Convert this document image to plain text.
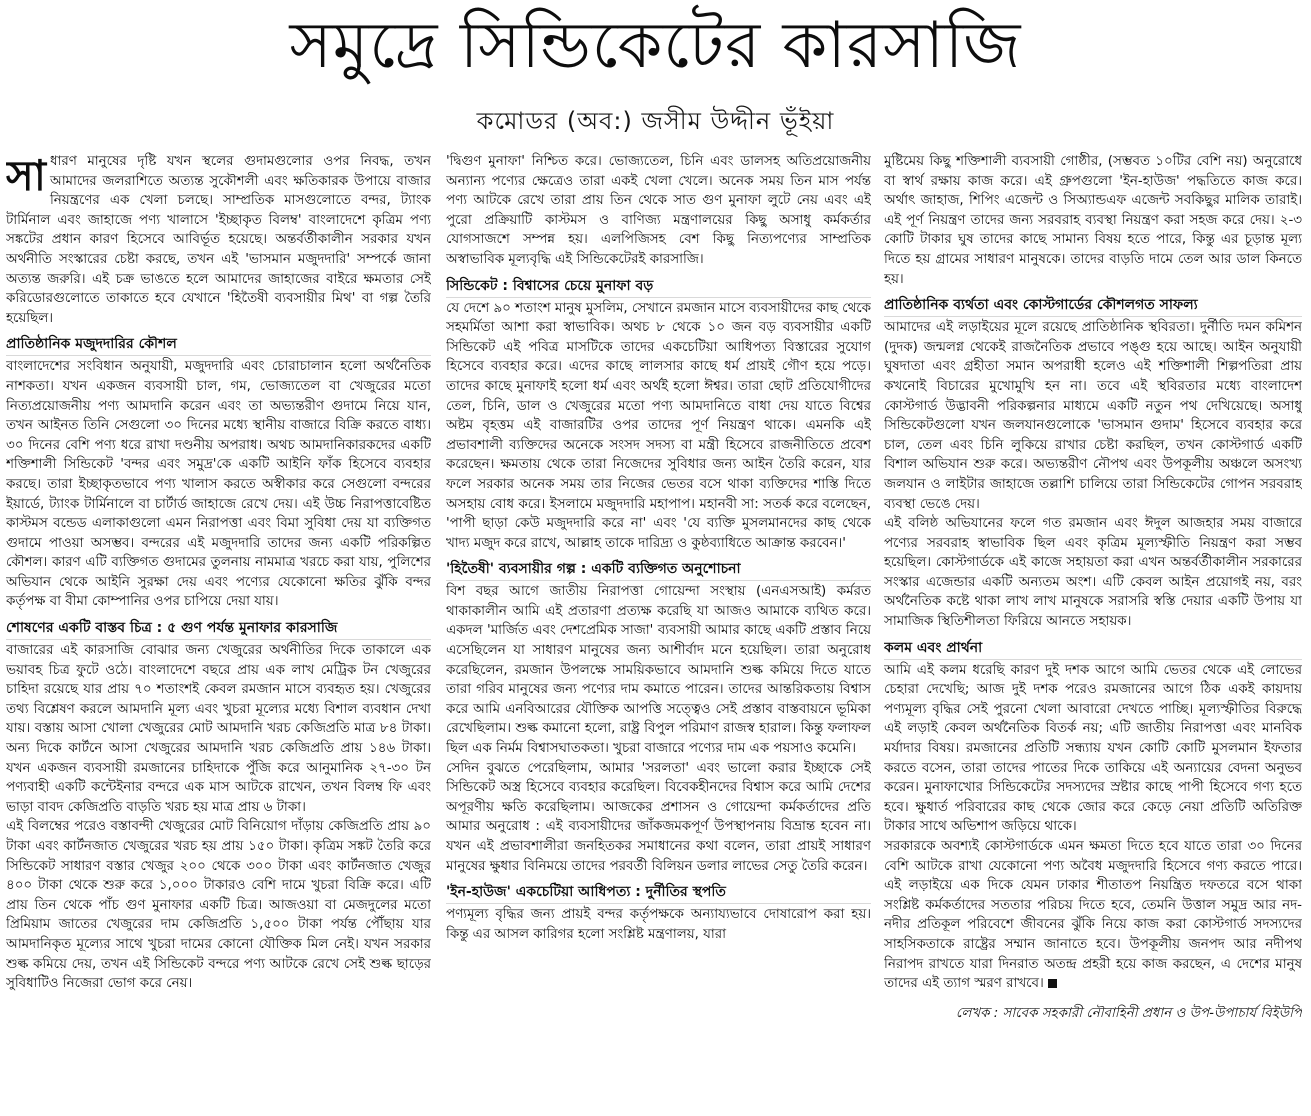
সমুদ্রে সিন্ডিকেটের কারসাজি
কমোডর (অব:) জসীম উদ্দীন ভূঁইয়া

সাধারণ মানুষের দৃষ্টি যখন স্থলের গুদামগুলোর ওপর নিবদ্ধ, তখন আমাদের জলরাশিতে অত্যন্ত সুকৌশলী এবং ক্ষতিকারক উপায়ে বাজার নিয়ন্ত্রণের এক খেলা চলছে। সাম্প্রতিক মাসগুলোতে বন্দর, ট্যাংক টার্মিনাল এবং জাহাজে পণ্য খালাসে 'ইচ্ছাকৃত বিলম্ব' বাংলাদেশে কৃত্রিম পণ্য সঙ্কটের প্রধান কারণ হিসেবে আবির্ভূত হয়েছে। অন্তর্বর্তীকালীন সরকার যখন অর্থনীতি সংস্কারের চেষ্টা করছে, তখন এই 'ভাসমান মজুদদারি' সম্পর্কে জানা অত্যন্ত জরুরি। এই চক্র ভাঙতে হলে আমাদের জাহাজের বাইরে ক্ষমতার সেই করিডোরগুলোতে তাকাতে হবে যেখানে 'হিতৈষী ব্যবসায়ীর মিথ' বা গল্প তৈরি হয়েছিল।

প্রাতিষ্ঠানিক মজুদদারির কৌশল

বাংলাদেশের সংবিধান অনুযায়ী, মজুদদারি এবং চোরাচালান হলো অর্থনৈতিক নাশকতা। যখন একজন ব্যবসায়ী চাল, গম, ভোজ্যতেল বা খেজুরের মতো নিত্যপ্রয়োজনীয় পণ্য আমদানি করেন এবং তা অভ্যন্তরীণ গুদামে নিয়ে যান, তখন আইনত তিনি সেগুলো ৩০ দিনের মধ্যে স্থানীয় বাজারে বিক্রি করতে বাধ্য। ৩০ দিনের বেশি পণ্য ধরে রাখা দণ্ডনীয় অপরাধ। অথচ আমদানিকারকদের একটি শক্তিশালী সিন্ডিকেট 'বন্দর এবং সমুদ্র'কে একটি আইনি ফাঁক হিসেবে ব্যবহার করছে। তারা ইচ্ছাকৃতভাবে পণ্য খালাস করতে অস্বীকার করে সেগুলো বন্দরের ইয়ার্ডে, ট্যাংক টার্মিনালে বা চার্টার্ড জাহাজে রেখে দেয়। এই উচ্চ নিরাপত্তাবেষ্টিত কাস্টমস বন্ডেড এলাকাগুলো এমন নিরাপত্তা এবং বিমা সুবিধা দেয় যা ব্যক্তিগত গুদামে পাওয়া অসম্ভব। বন্দরের এই মজুদদারি তাদের জন্য একটি পরিকল্পিত কৌশল। কারণ এটি ব্যক্তিগত গুদামের তুলনায় নামমাত্র খরচে করা যায়, পুলিশের অভিযান থেকে আইনি সুরক্ষা দেয় এবং পণ্যের যেকোনো ক্ষতির ঝুঁকি বন্দর কর্তৃপক্ষ বা বীমা কোম্পানির ওপর চাপিয়ে দেয়া যায়।

শোষণের একটি বাস্তব চিত্র : ৫ গুণ পর্যন্ত মুনাফার কারসাজি

বাজারের এই কারসাজি বোঝার জন্য খেজুরের অর্থনীতির দিকে তাকালে এক ভয়াবহ চিত্র ফুটে ওঠে। বাংলাদেশে বছরে প্রায় এক লাখ মেট্রিক টন খেজুরের চাহিদা রয়েছে যার প্রায় ৭০ শতাংশই কেবল রমজান মাসে ব্যবহৃত হয়। খেজুরের তথ্য বিশ্লেষণ করলে আমদানি মূল্য এবং খুচরা মূল্যের মধ্যে বিশাল ব্যবধান দেখা যায়। বস্তায় আসা খোলা খেজুরের মোট আমদানি খরচ কেজিপ্রতি মাত্র ৮৪ টাকা। অন্য দিকে কার্টনে আসা খেজুরের আমদানি খরচ কেজিপ্রতি প্রায় ১৪৬ টাকা। যখন একজন ব্যবসায়ী রমজানের চাহিদাকে পুঁজি করে আনুমানিক ২৭-৩০ টন পণ্যবাহী একটি কন্টেইনার বন্দরে এক মাস আটকে রাখেন, তখন বিলম্ব ফি এবং ভাড়া বাবদ কেজিপ্রতি বাড়তি খরচ হয় মাত্র প্রায় ৬ টাকা।

এই বিলম্বের পরেও বস্তাবন্দী খেজুরের মোট বিনিয়োগ দাঁড়ায় কেজিপ্রতি প্রায় ৯০ টাকা এবং কার্টনজাত খেজুরের খরচ হয় প্রায় ১৫০ টাকা। কৃত্রিম সঙ্কট তৈরি করে সিন্ডিকেট সাধারণ বস্তার খেজুর ২০০ থেকে ৩০০ টাকা এবং কার্টনজাত খেজুর ৪০০ টাকা থেকে শুরু করে ১,০০০ টাকারও বেশি দামে খুচরা বিক্রি করে। এটি প্রায় তিন থেকে পাঁচ গুণ মুনাফার একটি চিত্র। আজওয়া বা মেজদুলের মতো প্রিমিয়াম জাতের খেজুরের দাম কেজিপ্রতি ১,৫০০ টাকা পর্যন্ত পৌঁছায় যার আমদানিকৃত মূল্যের সাথে খুচরা দামের কোনো যৌক্তিক মিল নেই। যখন সরকার শুল্ক কমিয়ে দেয়, তখন এই সিন্ডিকেট বন্দরে পণ্য আটকে রেখে সেই শুল্ক ছাড়ের সুবিধাটিও নিজেরা ভোগ করে নেয়।

'দ্বিগুণ মুনাফা' নিশ্চিত করে। ভোজ্যতেল, চিনি এবং ডালসহ অতিপ্রয়োজনীয় অন্যান্য পণ্যের ক্ষেত্রেও তারা একই খেলা খেলে। অনেক সময় তিন মাস পর্যন্ত পণ্য আটকে রেখে তারা প্রায় তিন থেকে সাত গুণ মুনাফা লুটে নেয় এবং এই পুরো প্রক্রিয়াটি কাস্টমস ও বাণিজ্য মন্ত্রণালয়ের কিছু অসাধু কর্মকর্তার যোগসাজশে সম্পন্ন হয়। এলপিজিসহ বেশ কিছু নিত্যপণ্যের সাম্প্রতিক অস্বাভাবিক মূল্যবৃদ্ধি এই সিন্ডিকেটেরই কারসাজি।

সিন্ডিকেট : বিশ্বাসের চেয়ে মুনাফা বড়

যে দেশে ৯০ শতাংশ মানুষ মুসলিম, সেখানে রমজান মাসে ব্যবসায়ীদের কাছ থেকে সহমর্মিতা আশা করা স্বাভাবিক। অথচ ৮ থেকে ১০ জন বড় ব্যবসায়ীর একটি সিন্ডিকেট এই পবিত্র মাসটিকে তাদের একচেটিয়া আধিপত্য বিস্তারের সুযোগ হিসেবে ব্যবহার করে। এদের কাছে লালসার কাছে ধর্ম প্রায়ই গৌণ হয়ে পড়ে। তাদের কাছে মুনাফাই হলো ধর্ম এবং অর্থই হলো ঈশ্বর। তারা ছোট প্রতিযোগীদের তেল, চিনি, ডাল ও খেজুরের মতো পণ্য আমদানিতে বাধা দেয় যাতে বিশ্বের অষ্টম বৃহত্তম এই বাজারটির ওপর তাদের পূর্ণ নিয়ন্ত্রণ থাকে। এমনকি এই প্রভাবশালী ব্যক্তিদের অনেকে সংসদ সদস্য বা মন্ত্রী হিসেবে রাজনীতিতে প্রবেশ করেছেন। ক্ষমতায় থেকে তারা নিজেদের সুবিধার জন্য আইন তৈরি করেন, যার ফলে সরকার অনেক সময় তার নিজের ভেতর বসে থাকা ব্যক্তিদের শাস্তি দিতে অসহায় বোধ করে। ইসলামে মজুদদারি মহাপাপ। মহানবী সা: সতর্ক করে বলেছেন, 'পাপী ছাড়া কেউ মজুদদারি করে না' এবং 'যে ব্যক্তি মুসলমানদের কাছ থেকে খাদ্য মজুদ করে রাখে, আল্লাহ তাকে দারিদ্র্য ও কুষ্ঠব্যাধিতে আক্রান্ত করবেন।'

'হিতৈষী' ব্যবসায়ীর গল্প : একটি ব্যক্তিগত অনুশোচনা

বিশ বছর আগে জাতীয় নিরাপত্তা গোয়েন্দা সংস্থায় (এনএসআই) কর্মরত থাকাকালীন আমি এই প্রতারণা প্রত্যক্ষ করেছি যা আজও আমাকে ব্যথিত করে। একদল 'মার্জিত এবং দেশপ্রেমিক সাজা' ব্যবসায়ী আমার কাছে একটি প্রস্তাব নিয়ে এসেছিলেন যা সাধারণ মানুষের জন্য আশীর্বাদ মনে হয়েছিল। তারা অনুরোধ করেছিলেন, রমজান উপলক্ষে সাময়িকভাবে আমদানি শুল্ক কমিয়ে দিতে যাতে তারা গরিব মানুষের জন্য পণ্যের দাম কমাতে পারেন। তাদের আন্তরিকতায় বিশ্বাস করে আমি এনবিআরের যৌক্তিক আপত্তি সত্ত্বেও সেই প্রস্তাব বাস্তবায়নে ভূমিকা রেখেছিলাম। শুল্ক কমানো হলো, রাষ্ট্র বিপুল পরিমাণ রাজস্ব হারাল। কিন্তু ফলাফল ছিল এক নির্মম বিশ্বাসঘাতকতা। খুচরা বাজারে পণ্যের দাম এক পয়সাও কমেনি।

সেদিন বুঝতে পেরেছিলাম, আমার 'সরলতা' এবং ভালো করার ইচ্ছাকে সেই সিন্ডিকেট অস্ত্র হিসেবে ব্যবহার করেছিল। বিবেকহীনদের বিশ্বাস করে আমি দেশের অপূরণীয় ক্ষতি করেছিলাম। আজকের প্রশাসন ও গোয়েন্দা কর্মকর্তাদের প্রতি আমার অনুরোধ : এই ব্যবসায়ীদের জাঁকজমকপূর্ণ উপস্থাপনায় বিভ্রান্ত হবেন না। যখন এই প্রভাবশালীরা জনহিতকর সমাধানের কথা বলেন, তারা প্রায়ই সাধারণ মানুষের ক্ষুধার বিনিময়ে তাদের পরবর্তী বিলিয়ন ডলার লাভের সেতু তৈরি করেন।

'ইন-হাউজ' একচেটিয়া আধিপত্য : দুর্নীতির স্থপতি

পণ্যমূল্য বৃদ্ধির জন্য প্রায়ই বন্দর কর্তৃপক্ষকে অন্যায্যভাবে দোষারোপ করা হয়। কিন্তু এর আসল কারিগর হলো সংশ্লিষ্ট মন্ত্রণালয়, যারা

মুষ্টিমেয় কিছু শক্তিশালী ব্যবসায়ী গোষ্ঠীর, (সম্ভবত ১০টির বেশি নয়) অনুরোধে বা স্বার্থ রক্ষায় কাজ করে। এই গ্রুপগুলো 'ইন-হাউজ' পদ্ধতিতে কাজ করে। অর্থাৎ জাহাজ, শিপিং এজেন্ট ও সিঅ্যান্ডএফ এজেন্ট সবকিছুর মালিক তারাই। এই পূর্ণ নিয়ন্ত্রণ তাদের জন্য সরবরাহ ব্যবস্থা নিয়ন্ত্রণ করা সহজ করে দেয়। ২-৩ কোটি টাকার ঘুষ তাদের কাছে সামান্য বিষয় হতে পারে, কিন্তু এর চূড়ান্ত মূল্য দিতে হয় গ্রামের সাধারণ মানুষকে। তাদের বাড়তি দামে তেল আর ডাল কিনতে হয়।

প্রাতিষ্ঠানিক ব্যর্থতা এবং কোস্টগার্ডের কৌশলগত সাফল্য

আমাদের এই লড়াইয়ের মূলে রয়েছে প্রাতিষ্ঠানিক স্থবিরতা। দুর্নীতি দমন কমিশন (দুদক) জন্মলগ্ন থেকেই রাজনৈতিক প্রভাবে পঙ্গু হয়ে আছে। আইন অনুযায়ী ঘুষদাতা এবং গ্রহীতা সমান অপরাধী হলেও এই শক্তিশালী শিল্পপতিরা প্রায় কখনোই বিচারের মুখোমুখি হন না। তবে এই স্থবিরতার মধ্যে বাংলাদেশ কোস্টগার্ড উদ্ভাবনী পরিকল্পনার মাধ্যমে একটি নতুন পথ দেখিয়েছে। অসাধু সিন্ডিকেটগুলো যখন জলযানগুলোকে 'ভাসমান গুদাম' হিসেবে ব্যবহার করে চাল, তেল এবং চিনি লুকিয়ে রাখার চেষ্টা করছিল, তখন কোস্টগার্ড একটি বিশাল অভিযান শুরু করে। অভ্যন্তরীণ নৌপথ এবং উপকূলীয় অঞ্চলে অসংখ্য জলযান ও লাইটার জাহাজে তল্লাশি চালিয়ে তারা সিন্ডিকেটের গোপন সরবরাহ ব্যবস্থা ভেঙে দেয়।

এই বলিষ্ঠ অভিযানের ফলে গত রমজান এবং ঈদুল আজহার সময় বাজারে পণ্যের সরবরাহ স্বাভাবিক ছিল এবং কৃত্রিম মূল্যস্ফীতি নিয়ন্ত্রণ করা সম্ভব হয়েছিল। কোস্টগার্ডকে এই কাজে সহায়তা করা এখন অন্তর্বর্তীকালীন সরকারের সংস্কার এজেন্ডার একটি অন্যতম অংশ। এটি কেবল আইন প্রয়োগই নয়, বরং অর্থনৈতিক কষ্টে থাকা লাখ লাখ মানুষকে সরাসরি স্বস্তি দেয়ার একটি উপায় যা সামাজিক স্থিতিশীলতা ফিরিয়ে আনতে সহায়ক।

কলম এবং প্রার্থনা

আমি এই কলম ধরেছি কারণ দুই দশক আগে আমি ভেতর থেকে এই লোভের চেহারা দেখেছি; আজ দুই দশক পরেও রমজানের আগে ঠিক একই কায়দায় পণ্যমূল্য বৃদ্ধির সেই পুরনো খেলা আবারো দেখতে পাচ্ছি। মূল্যস্ফীতির বিরুদ্ধে এই লড়াই কেবল অর্থনৈতিক বিতর্ক নয়; এটি জাতীয় নিরাপত্তা এবং মানবিক মর্যাদার বিষয়। রমজানের প্রতিটি সন্ধ্যায় যখন কোটি কোটি মুসলমান ইফতার করতে বসেন, তারা তাদের পাতের দিকে তাকিয়ে এই অন্যায়ের বেদনা অনুভব করেন। মুনাফাখোর সিন্ডিকেটের সদস্যদের স্রষ্টার কাছে পাপী হিসেবে গণ্য হতে হবে। ক্ষুধার্ত পরিবারের কাছ থেকে জোর করে কেড়ে নেয়া প্রতিটি অতিরিক্ত টাকার সাথে অভিশাপ জড়িয়ে থাকে।

সরকারকে অবশ্যই কোস্টগার্ডকে এমন ক্ষমতা দিতে হবে যাতে তারা ৩০ দিনের বেশি আটকে রাখা যেকোনো পণ্য অবৈধ মজুদদারি হিসেবে গণ্য করতে পারে। এই লড়াইয়ে এক দিকে যেমন ঢাকার শীতাতপ নিয়ন্ত্রিত দফতরে বসে থাকা সংশ্লিষ্ট কর্মকর্তাদের সততার পরিচয় দিতে হবে, তেমনি উত্তাল সমুদ্র আর নদ-নদীর প্রতিকূল পরিবেশে জীবনের ঝুঁকি নিয়ে কাজ করা কোস্টগার্ড সদস্যদের সাহসিকতাকে রাষ্ট্রের সম্মান জানাতে হবে। উপকূলীয় জনপদ আর নদীপথ নিরাপদ রাখতে যারা দিনরাত অতন্দ্র প্রহরী হয়ে কাজ করছেন, এ দেশের মানুষ তাদের এই ত্যাগ স্মরণ রাখবে।

লেখক : সাবেক সহকারী নৌবাহিনী প্রধান ও উপ-উপাচার্য বিইউপি
